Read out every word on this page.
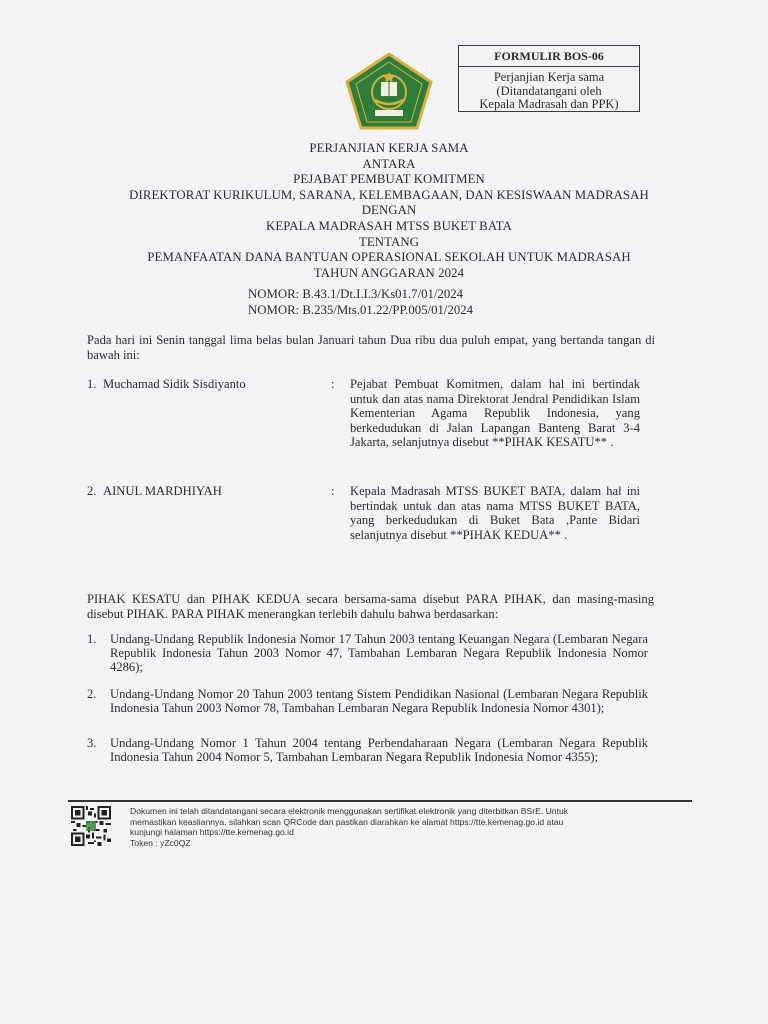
FORMULIR BOS-06
Perjanjian Kerja sama
(Ditandatangani oleh
Kepala Madrasah dan PPK)
PERJANJIAN KERJA SAMA
ANTARA
PEJABAT PEMBUAT KOMITMEN
DIREKTORAT KURIKULUM, SARANA, KELEMBAGAAN, DAN KESISWAAN MADRASAH
DENGAN
KEPALA MADRASAH MTSS BUKET BATA
TENTANG
PEMANFAATAN DANA BANTUAN OPERASIONAL SEKOLAH UNTUK MADRASAH
TAHUN ANGGARAN 2024
NOMOR: B.43.1/Dt.I.I.3/Ks01.7/01/2024
NOMOR: B.235/Mts.01.22/PP.005/01/2024
Pada hari ini Senin tanggal lima belas bulan Januari tahun Dua ribu dua puluh empat, yang bertanda tangan di bawah ini:
1. Muchamad Sidik Sisdiyanto	: Pejabat Pembuat Komitmen, dalam hal ini bertindak untuk dan atas nama Direktorat Jendral Pendidikan Islam Kementerian Agama Republik Indonesia, yang berkedudukan di Jalan Lapangan Banteng Barat 3-4 Jakarta, selanjutnya disebut **PIHAK KESATU** .
2. AINUL MARDHIYAH	: Kepala Madrasah MTSS BUKET BATA, dalam hal ini bertindak untuk dan atas nama MTSS BUKET BATA, yang berkedudukan di Buket Bata ,Pante Bidari selanjutnya disebut **PIHAK KEDUA** .
PIHAK KESATU dan PIHAK KEDUA secara bersama-sama disebut PARA PIHAK, dan masing-masing disebut PIHAK. PARA PIHAK menerangkan terlebih dahulu bahwa berdasarkan:
1. Undang-Undang Republik Indonesia Nomor 17 Tahun 2003 tentang Keuangan Negara (Lembaran Negara Republik Indonesia Tahun 2003 Nomor 47, Tambahan Lembaran Negara Republik Indonesia Nomor 4286);
2. Undang-Undang Nomor 20 Tahun 2003 tentang Sistem Pendidikan Nasional (Lembaran Negara Republik Indonesia Tahun 2003 Nomor 78, Tambahan Lembaran Negara Republik Indonesia Nomor 4301);
3. Undang-Undang Nomor 1 Tahun 2004 tentang Perbendaharaan Negara (Lembaran Negara Republik Indonesia Tahun 2004 Nomor 5, Tambahan Lembaran Negara Republik Indonesia Nomor 4355);
Dokumen ini telah ditandatangani secara elektronik menggunakan sertifikat elektronik yang diterbitkan BSrE. Untuk
memastikan keasliannya, silahkan scan QRCode dan pastikan diarahkan ke alamat https://tte.kemenag.go.id atau
kunjungi halaman https://tte.kemenag.go.id
Token : yZc0QZ
